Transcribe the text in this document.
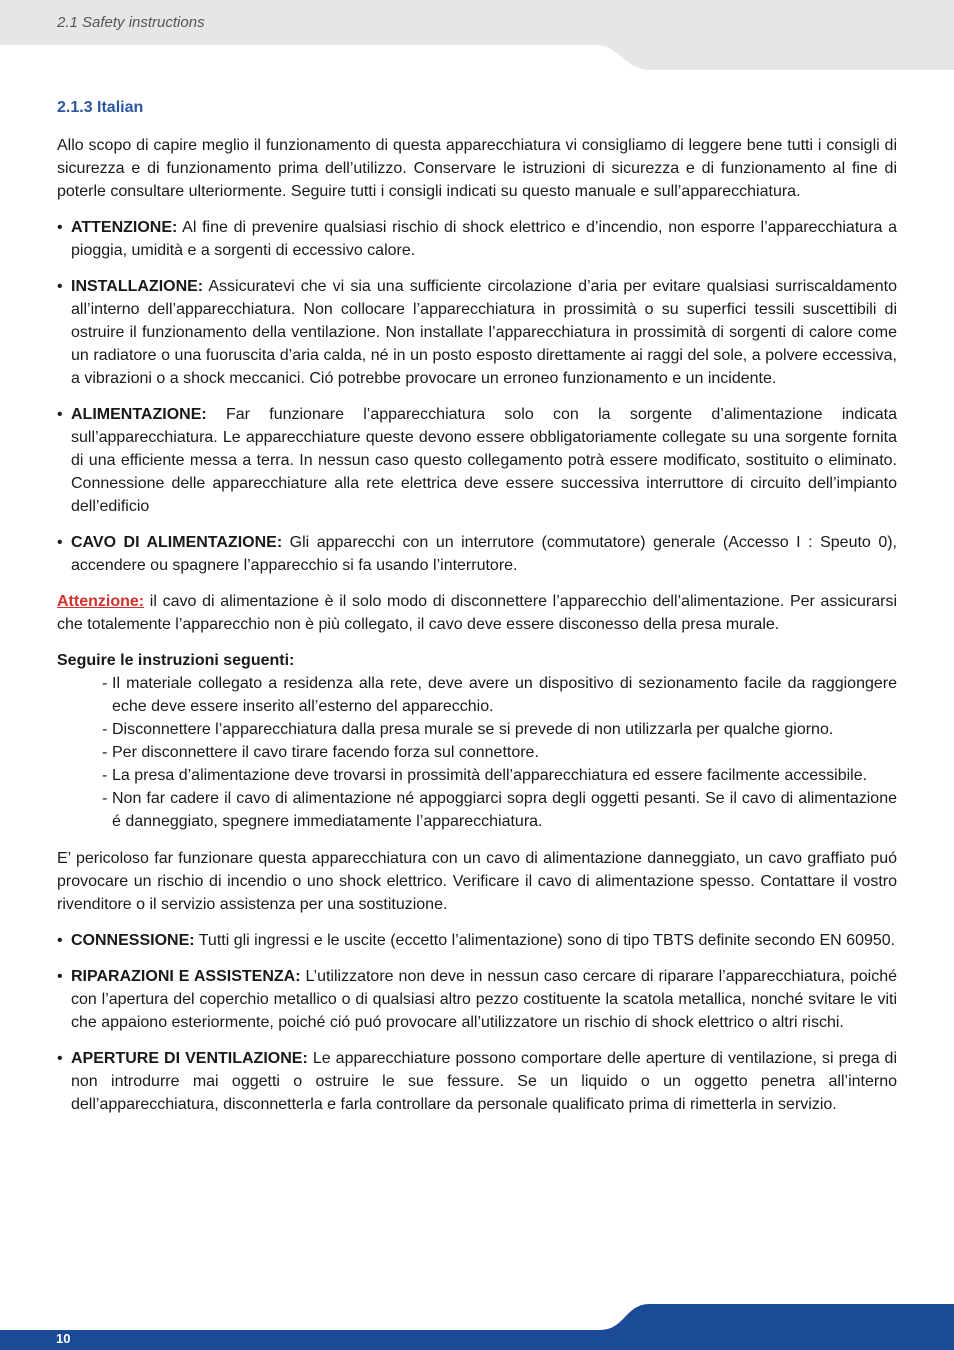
2.1 Safety instructions
2.1.3 Italian

Allo scopo di capire meglio il funzionamento di questa apparecchiatura vi consigliamo di leggere bene tutti i consigli di sicurezza e di funzionamento prima dell’utilizzo. Conservare le istruzioni di sicurezza e di funzionamento al fine di poterle consultare ulteriormente. Seguire tutti i consigli indicati su questo manuale e sull’apparecchiatura.

• ATTENZIONE: Al fine di prevenire qualsiasi rischio di shock elettrico e d’incendio, non esporre l’apparecchiatura a pioggia, umidità e a sorgenti di eccessivo calore.
• INSTALLAZIONE: Assicuratevi che vi sia una sufficiente circolazione d’aria per evitare qualsiasi surriscaldamento all’interno dell’apparecchiatura. Non collocare l’apparecchiatura in prossimità o su superfici tessili suscettibili di ostruire il funzionamento della ventilazione. Non installate l’apparecchiatura in prossimità di sorgenti di calore come un radiatore o una fuoruscita d’aria calda, né in un posto esposto direttamente ai raggi del sole, a polvere eccessiva, a vibrazioni o a shock meccanici. Ció potrebbe provocare un erroneo funzionamento e un incidente.
• ALIMENTAZIONE: Far funzionare l’apparecchiatura solo con la sorgente d’alimentazione indicata sull’apparecchiatura. Le apparecchiature queste devono essere obbligatoriamente collegate su una sorgente fornita di una efficiente messa a terra. In nessun caso questo collegamento potrà essere modificato, sostituito o eliminato. Connessione delle apparecchiature alla rete elettrica deve essere successiva interruttore di circuito dell’impianto dell’edificio
• CAVO DI ALIMENTAZIONE: Gli apparecchi con un interrutore (commutatore) generale (Accesso I : Speuto 0), accendere ou spagnere l’apparecchio si fa usando l’interrutore.

Attenzione: il cavo di alimentazione è il solo modo di disconnettere l’apparecchio dell’alimentazione. Per assicurarsi che totalemente l’apparecchio non è più collegato, il cavo deve essere disconesso della presa murale.

Seguire le instruzioni seguenti:
- Il materiale collegato a residenza alla rete, deve avere un dispositivo di sezionamento facile da raggiongere eche deve essere inserito all’esterno del apparecchio.
- Disconnettere l’apparecchiatura dalla presa murale se si prevede di non utilizzarla per qualche giorno.
- Per disconnettere il cavo tirare facendo forza sul connettore.
- La presa d’alimentazione deve trovarsi in prossimità dell’apparecchiatura ed essere facilmente accessibile.
- Non far cadere il cavo di alimentazione né appoggiarci sopra degli oggetti pesanti. Se il cavo di alimentazione é danneggiato, spegnere immediatamente l’apparecchiatura.

E’ pericoloso far funzionare questa apparecchiatura con un cavo di alimentazione danneggiato, un cavo graffiato puó provocare un rischio di incendio o uno shock elettrico. Verificare il cavo di alimentazione spesso. Contattare il vostro rivenditore o il servizio assistenza per una sostituzione.

• CONNESSIONE: Tutti gli ingressi e le uscite (eccetto l’alimentazione) sono di tipo TBTS definite secondo EN 60950.
• RIPARAZIONI E ASSISTENZA: L’utilizzatore non deve in nessun caso cercare di riparare l’apparecchiatura, poiché con l’apertura del coperchio metallico o di qualsiasi altro pezzo costituente la scatola metallica, nonché svitare le viti che appaiono esteriormente, poiché ció puó provocare all’utilizzatore un rischio di shock elettrico o altri rischi.
• APERTURE DI VENTILAZIONE: Le apparecchiature possono comportare delle aperture di ventilazione, si prega di non introdurre mai oggetti o ostruire le sue fessure. Se un liquido o un oggetto penetra all’interno dell’apparecchiatura, disconnetterla e farla controllare da personale qualificato prima di rimetterla in servizio.
10
